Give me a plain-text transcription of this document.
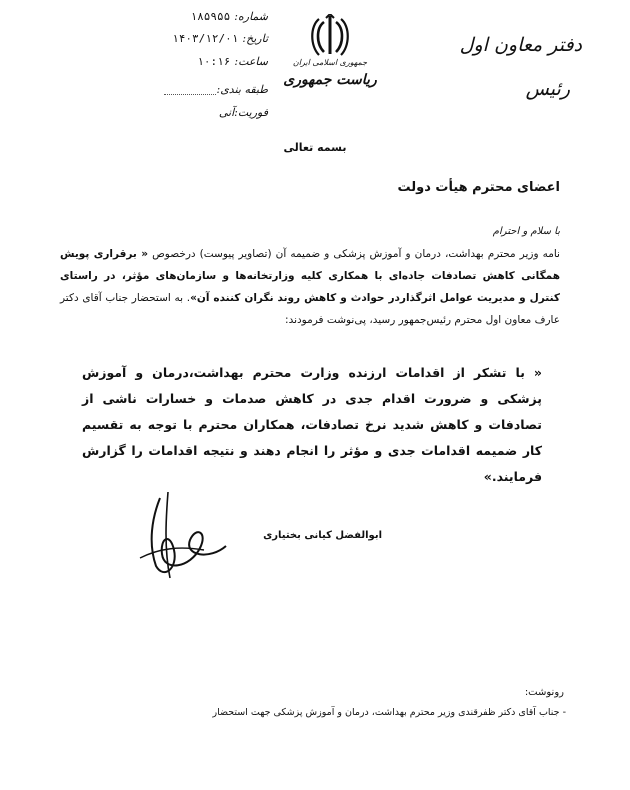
شماره:۱۸۵۹۵۵
تاریخ:۱۴۰۳/۱۲/۰۱
ساعت:۱۰:۱۶
طبقه بندی:
فوریت:آنی
جمهوری اسلامی ایران
ریاست جمهوری
دفتر معاون اول
رئیس
بسمه تعالی
اعضای محترم هیأت دولت
با سلام و احترام
نامه وزیر محترم بهداشت، درمان و آموزش پزشکی و ضمیمه آن (تصاویر پیوست) درخصوص « برقراری پویش همگانی کاهش تصادفات جاده‌ای با همکاری کلیه وزارتخانه‌ها و سازمان‌های مؤثر، در راستای کنترل و مدیریت عوامل اثرگذاردر حوادث و کاهش روند نگران کننده آن». به استحضار جناب آقای دکتر عارف معاون اول محترم رئیس‌جمهور رسید، پی‌نوشت فرمودند:
« با تشکر از اقدامات ارزنده وزارت محترم بهداشت،درمان و آموزش پزشکی و ضرورت اقدام جدی در کاهش صدمات و خسارات ناشی از تصادفات و کاهش شدید نرخ تصادفات، همکاران محترم با توجه به تقسیم کار ضمیمه اقدامات جدی و مؤثر را انجام دهند و نتیجه اقدامات را گزارش فرمایند.»
ابوالفضل کیانی بختیاری
رونوشت:
- جناب آقای دکتر ظفرقندی وزیر محترم بهداشت، درمان و آموزش پزشکی جهت استحضار
